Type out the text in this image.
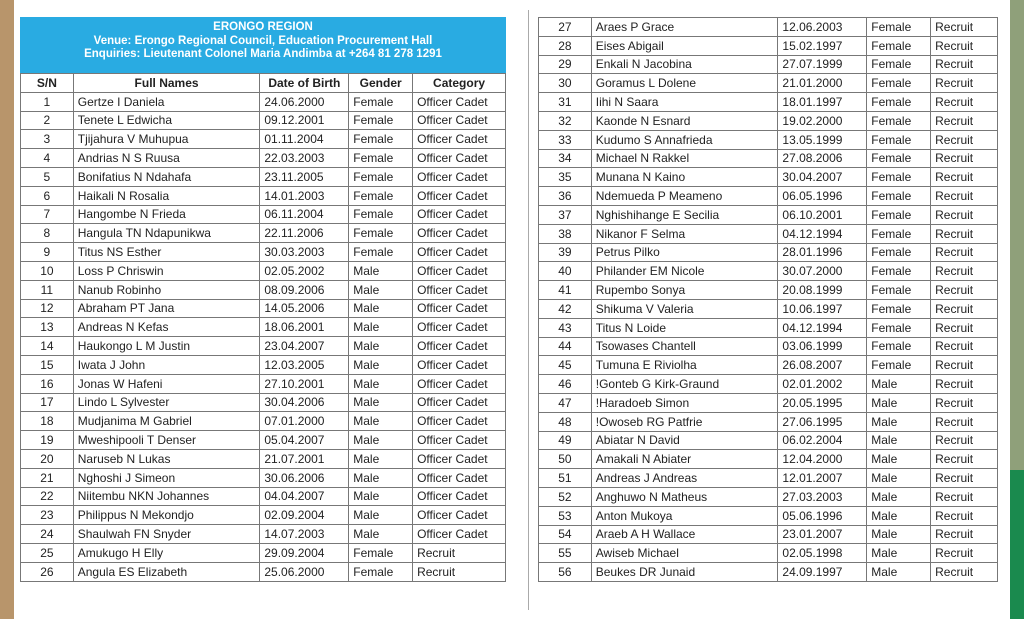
ERONGO REGION
Venue: Erongo Regional Council, Education Procurement Hall
Enquiries: Lieutenant Colonel Maria Andimba at +264 81 278 1291
S/N	Full Names	Date of Birth	Gender	Category
1	Gertze I Daniela	24.06.2000	Female	Officer Cadet
2	Tenete L Edwicha	09.12.2001	Female	Officer Cadet
3	Tjijahura V Muhupua	01.11.2004	Female	Officer Cadet
4	Andrias N S Ruusa	22.03.2003	Female	Officer Cadet
5	Bonifatius N Ndahafa	23.11.2005	Female	Officer Cadet
6	Haikali N Rosalia	14.01.2003	Female	Officer Cadet
7	Hangombe N Frieda	06.11.2004	Female	Officer Cadet
8	Hangula TN Ndapunikwa	22.11.2006	Female	Officer Cadet
9	Titus NS Esther	30.03.2003	Female	Officer Cadet
10	Loss P Chriswin	02.05.2002	Male	Officer Cadet
11	Nanub Robinho	08.09.2006	Male	Officer Cadet
12	Abraham PT Jana	14.05.2006	Male	Officer Cadet
13	Andreas N Kefas	18.06.2001	Male	Officer Cadet
14	Haukongo L M Justin	23.04.2007	Male	Officer Cadet
15	Iwata J John	12.03.2005	Male	Officer Cadet
16	Jonas W Hafeni	27.10.2001	Male	Officer Cadet
17	Lindo L Sylvester	30.04.2006	Male	Officer Cadet
18	Mudjanima M Gabriel	07.01.2000	Male	Officer Cadet
19	Mweshipooli T Denser	05.04.2007	Male	Officer Cadet
20	Naruseb N Lukas	21.07.2001	Male	Officer Cadet
21	Nghoshi J Simeon	30.06.2006	Male	Officer Cadet
22	Niitembu NKN Johannes	04.04.2007	Male	Officer Cadet
23	Philippus N Mekondjo	02.09.2004	Male	Officer Cadet
24	Shaulwah FN Snyder	14.07.2003	Male	Officer Cadet
25	Amukugo H Elly	29.09.2004	Female	Recruit
26	Angula ES Elizabeth	25.06.2000	Female	Recruit
27	Araes P Grace	12.06.2003	Female	Recruit
28	Eises Abigail	15.02.1997	Female	Recruit
29	Enkali N Jacobina	27.07.1999	Female	Recruit
30	Goramus L Dolene	21.01.2000	Female	Recruit
31	Iihi N Saara	18.01.1997	Female	Recruit
32	Kaonde N Esnard	19.02.2000	Female	Recruit
33	Kudumo S Annafrieda	13.05.1999	Female	Recruit
34	Michael N Rakkel	27.08.2006	Female	Recruit
35	Munana N Kaino	30.04.2007	Female	Recruit
36	Ndemueda P Meameno	06.05.1996	Female	Recruit
37	Nghishihange E Secilia	06.10.2001	Female	Recruit
38	Nikanor F Selma	04.12.1994	Female	Recruit
39	Petrus Pilko	28.01.1996	Female	Recruit
40	Philander EM Nicole	30.07.2000	Female	Recruit
41	Rupembo Sonya	20.08.1999	Female	Recruit
42	Shikuma V Valeria	10.06.1997	Female	Recruit
43	Titus N Loide	04.12.1994	Female	Recruit
44	Tsowases Chantell	03.06.1999	Female	Recruit
45	Tumuna E Riviolha	26.08.2007	Female	Recruit
46	!Gonteb G Kirk-Graund	02.01.2002	Male	Recruit
47	!Haradoeb Simon	20.05.1995	Male	Recruit
48	!Owoseb RG Patfrie	27.06.1995	Male	Recruit
49	Abiatar N David	06.02.2004	Male	Recruit
50	Amakali N Abiater	12.04.2000	Male	Recruit
51	Andreas J Andreas	12.01.2007	Male	Recruit
52	Anghuwo N Matheus	27.03.2003	Male	Recruit
53	Anton Mukoya	05.06.1996	Male	Recruit
54	Araeb A H Wallace	23.01.2007	Male	Recruit
55	Awiseb Michael	02.05.1998	Male	Recruit
56	Beukes DR Junaid	24.09.1997	Male	Recruit
